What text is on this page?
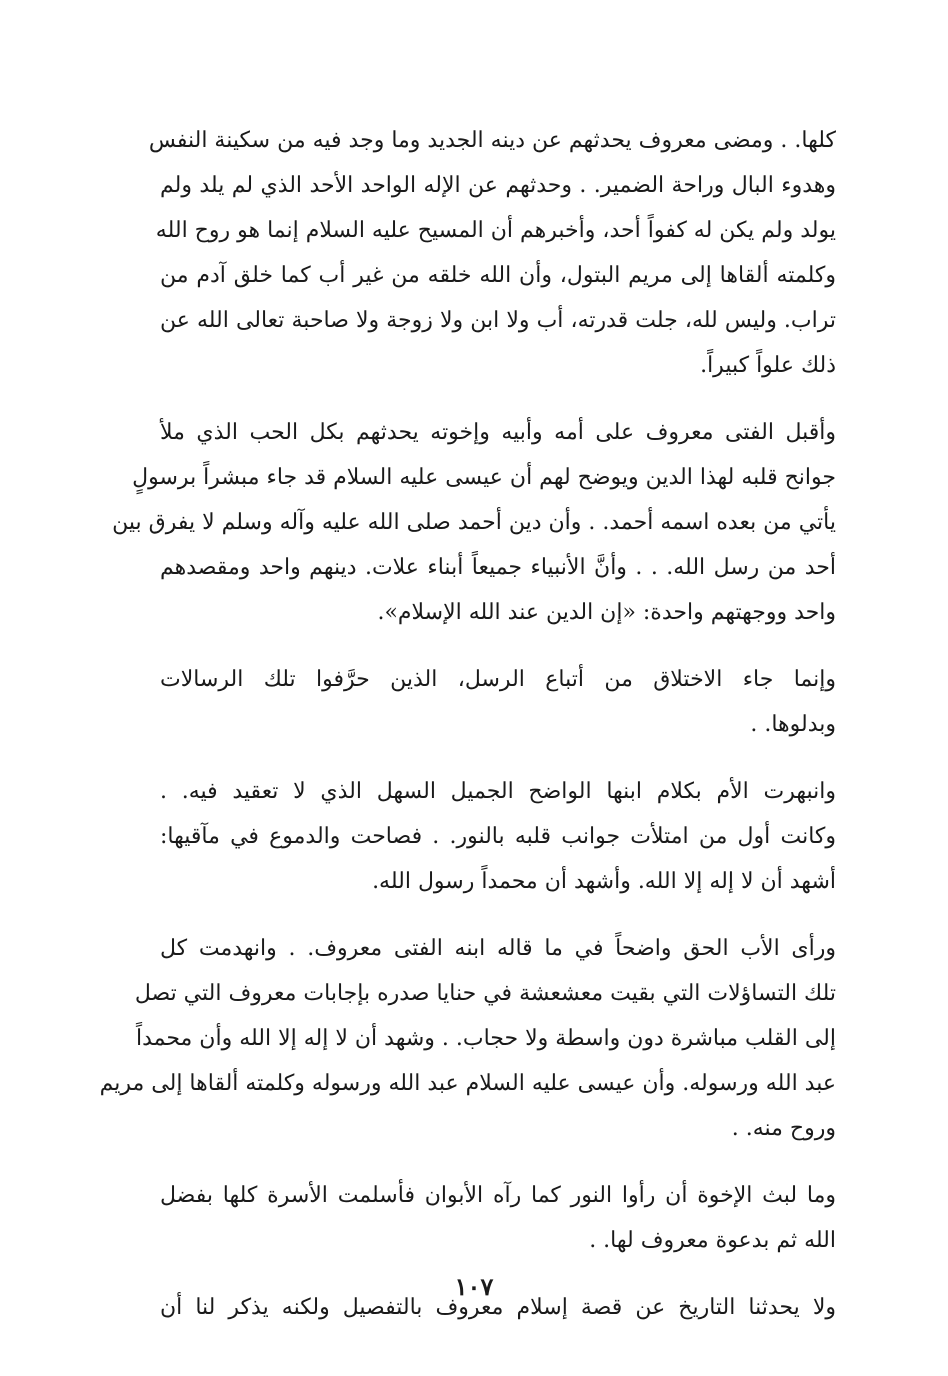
كلها. . ومضى معروف يحدثهم عن دينه الجديد وما وجد فيه من سكينة النفس
وهدوء البال وراحة الضمير. . وحدثهم عن الإله الواحد الأحد الذي لم يلد ولم
يولد ولم يكن له كفواً أحد، وأخبرهم أن المسيح عليه السلام إنما هو روح الله
وكلمته ألقاها إلى مريم البتول، وأن الله خلقه من غير أب كما خلق آدم من
تراب. وليس لله، جلت قدرته، أب ولا ابن ولا زوجة ولا صاحبة تعالى الله عن
ذلك علواً كبيراً.
وأقبل الفتى معروف على أمه وأبيه وإخوته يحدثهم بكل الحب الذي ملأ
جوانح قلبه لهذا الدين ويوضح لهم أن عيسى عليه السلام قد جاء مبشراً برسولٍ
يأتي من بعده اسمه أحمد. . وأن دين أحمد صلى الله عليه وآله وسلم لا يفرق بين
أحد من رسل الله. . . وأنَّ الأنبياء جميعاً أبناء علات. دينهم واحد ومقصدهم
واحد ووجهتهم واحدة: «إن الدين عند الله الإسلام».
وإنما جاء الاختلاق من أتباع الرسل، الذين حرَّفوا تلك الرسالات
وبدلوها. .
وانبهرت الأم بكلام ابنها الواضح الجميل السهل الذي لا تعقيد فيه. .
وكانت أول من امتلأت جوانب قلبه بالنور. . فصاحت والدموع في مآقيها:
أشهد أن لا إله إلا الله. وأشهد أن محمداً رسول الله.
ورأى الأب الحق واضحاً في ما قاله ابنه الفتى معروف. . وانهدمت كل
تلك التساؤلات التي بقيت معشعشة في حنايا صدره بإجابات معروف التي تصل
إلى القلب مباشرة دون واسطة ولا حجاب. . وشهد أن لا إله إلا الله وأن محمداً
عبد الله ورسوله. وأن عيسى عليه السلام عبد الله ورسوله وكلمته ألقاها إلى مريم
وروح منه. .
وما لبث الإخوة أن رأوا النور كما رآه الأبوان فأسلمت الأسرة كلها بفضل
الله ثم بدعوة معروف لها. .
ولا يحدثنا التاريخ عن قصة إسلام معروف بالتفصيل ولكنه يذكر لنا أن
١٠٧
